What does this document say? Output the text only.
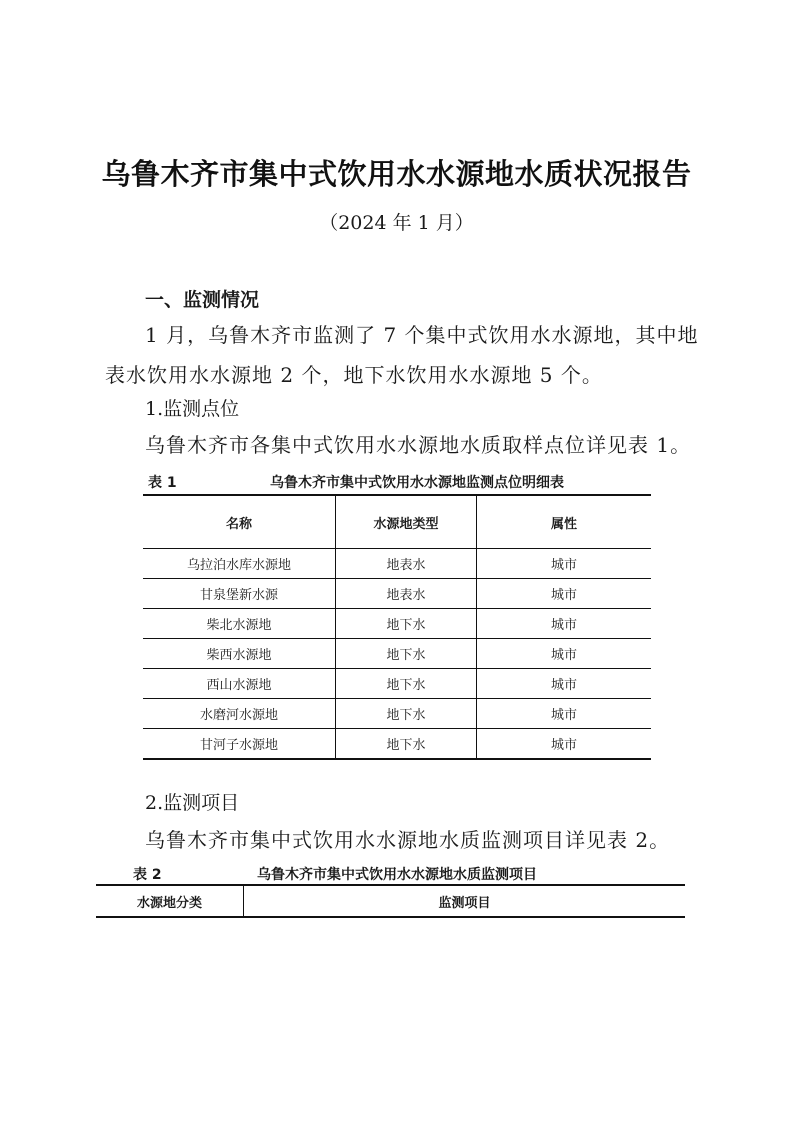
乌鲁木齐市集中式饮用水水源地水质状况报告
（2024 年 1 月）
一、监测情况
1 月，乌鲁木齐市监测了 7 个集中式饮用水水源地，其中地
表水饮用水水源地 2 个，地下水饮用水水源地 5 个。
1.监测点位
乌鲁木齐市各集中式饮用水水源地水质取样点位详见表 1。
表 1	乌鲁木齐市集中式饮用水水源地监测点位明细表
名称	水源地类型	属性
乌拉泊水库水源地	地表水	城市
甘泉堡新水源	地表水	城市
柴北水源地	地下水	城市
柴西水源地	地下水	城市
西山水源地	地下水	城市
水磨河水源地	地下水	城市
甘河子水源地	地下水	城市
2.监测项目
乌鲁木齐市集中式饮用水水源地水质监测项目详见表 2。
表 2	乌鲁木齐市集中式饮用水水源地水质监测项目
水源地分类	监测项目
